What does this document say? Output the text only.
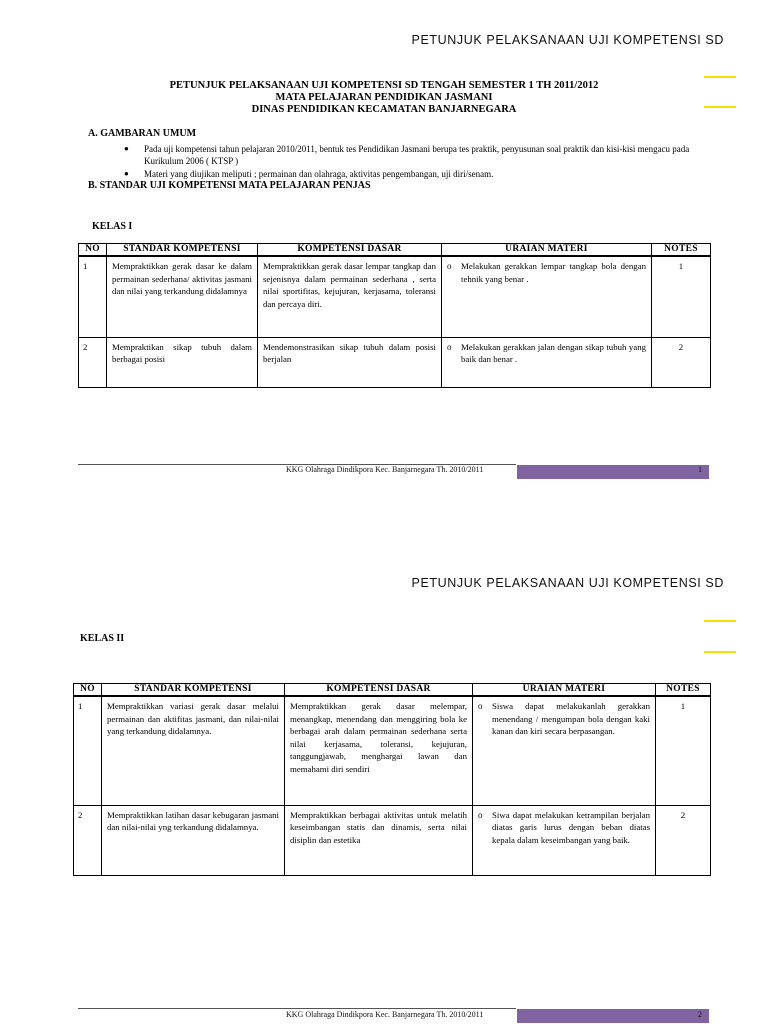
PETUNJUK PELAKSANAAN UJI KOMPETENSI SD
PETUNJUK PELAKSANAAN UJI KOMPETENSI SD TENGAH SEMESTER 1 TH 2011/2012
MATA PELAJARAN PENDIDIKAN JASMANI
DINAS PENDIDIKAN KECAMATAN BANJARNEGARA
A. GAMBARAN UMUM
● Pada uji kompetensi tahun pelajaran 2010/2011, bentuk tes Pendidikan Jasmani berupa tes praktik, penyusunan soal praktik dan kisi-kisi mengacu pada Kurikulum 2006 ( KTSP )
● Materi yang diujikan meliputi ; permainan dan olahraga, aktivitas pengembangan, uji diri/senam.
B. STANDAR UJI KOMPETENSI MATA PELAJARAN PENJAS
KELAS I
NO	STANDAR KOMPETENSI	KOMPETENSI DASAR	URAIAN MATERI	NOTES
1	Mempraktikkan gerak dasar ke dalam permainan sederhana/ aktivitas jasmani dan nilai yang terkandung didalamnya	Mempraktikkan gerak dasar lempar tangkap dan sejenisnya dalam permainan sederhana , serta nilai sportifitas, kejujuran, kerjasama, toleransi dan percaya diri.	o Melakukan gerakkan lempar tangkap bola dengan tehnik yang benar .	1
2	Mempraktikan sikap tubuh dalam berbagai posisi	Mendemonstrasikan sikap tubuh dalam posisi berjalan	o Melakukan gerakkan jalan dengan sikap tubuh yang baik dan benar .	2
KKG Olahraga Dindikpora Kec. Banjarnegara Th. 2010/2011	1
PETUNJUK PELAKSANAAN UJI KOMPETENSI SD
KELAS II
NO	STANDAR KOMPETENSI	KOMPETENSI DASAR	URAIAN MATERI	NOTES
1	Mempraktikkan variasi gerak dasar melalui permainan dan aktifitas jasmani, dan nilai-nilai yang terkandung didalamnya.	Mempraktikkan gerak dasar melempar, menangkap, menendang dan menggiring bola ke berbagai arah dalam permainan sederhana serta nilai kerjasama, toleransi, kejujuran, tanggungjawab, menghargai lawan dan memahami diri sendiri	o Siswa dapat melakukanlah gerakkan menendang / mengumpan bola dengan kaki kanan dan kiri secara berpasangan.	1
2	Mempraktikkan latihan dasar kebugaran jasmani dan nilai-nilai yng terkandung didalamnya.	Mempraktikkan berbagai aktivitas untuk melatih keseimbangan statis dan dinamis, serta nilai disiplin dan estetika	o Siwa dapat melakukan ketrampilan berjalan diatas garis lurus dengan beban diatas kepala dalam keseimbangan yang baik.	2
KKG Olahraga Dindikpora Kec. Banjarnegara Th. 2010/2011	2
